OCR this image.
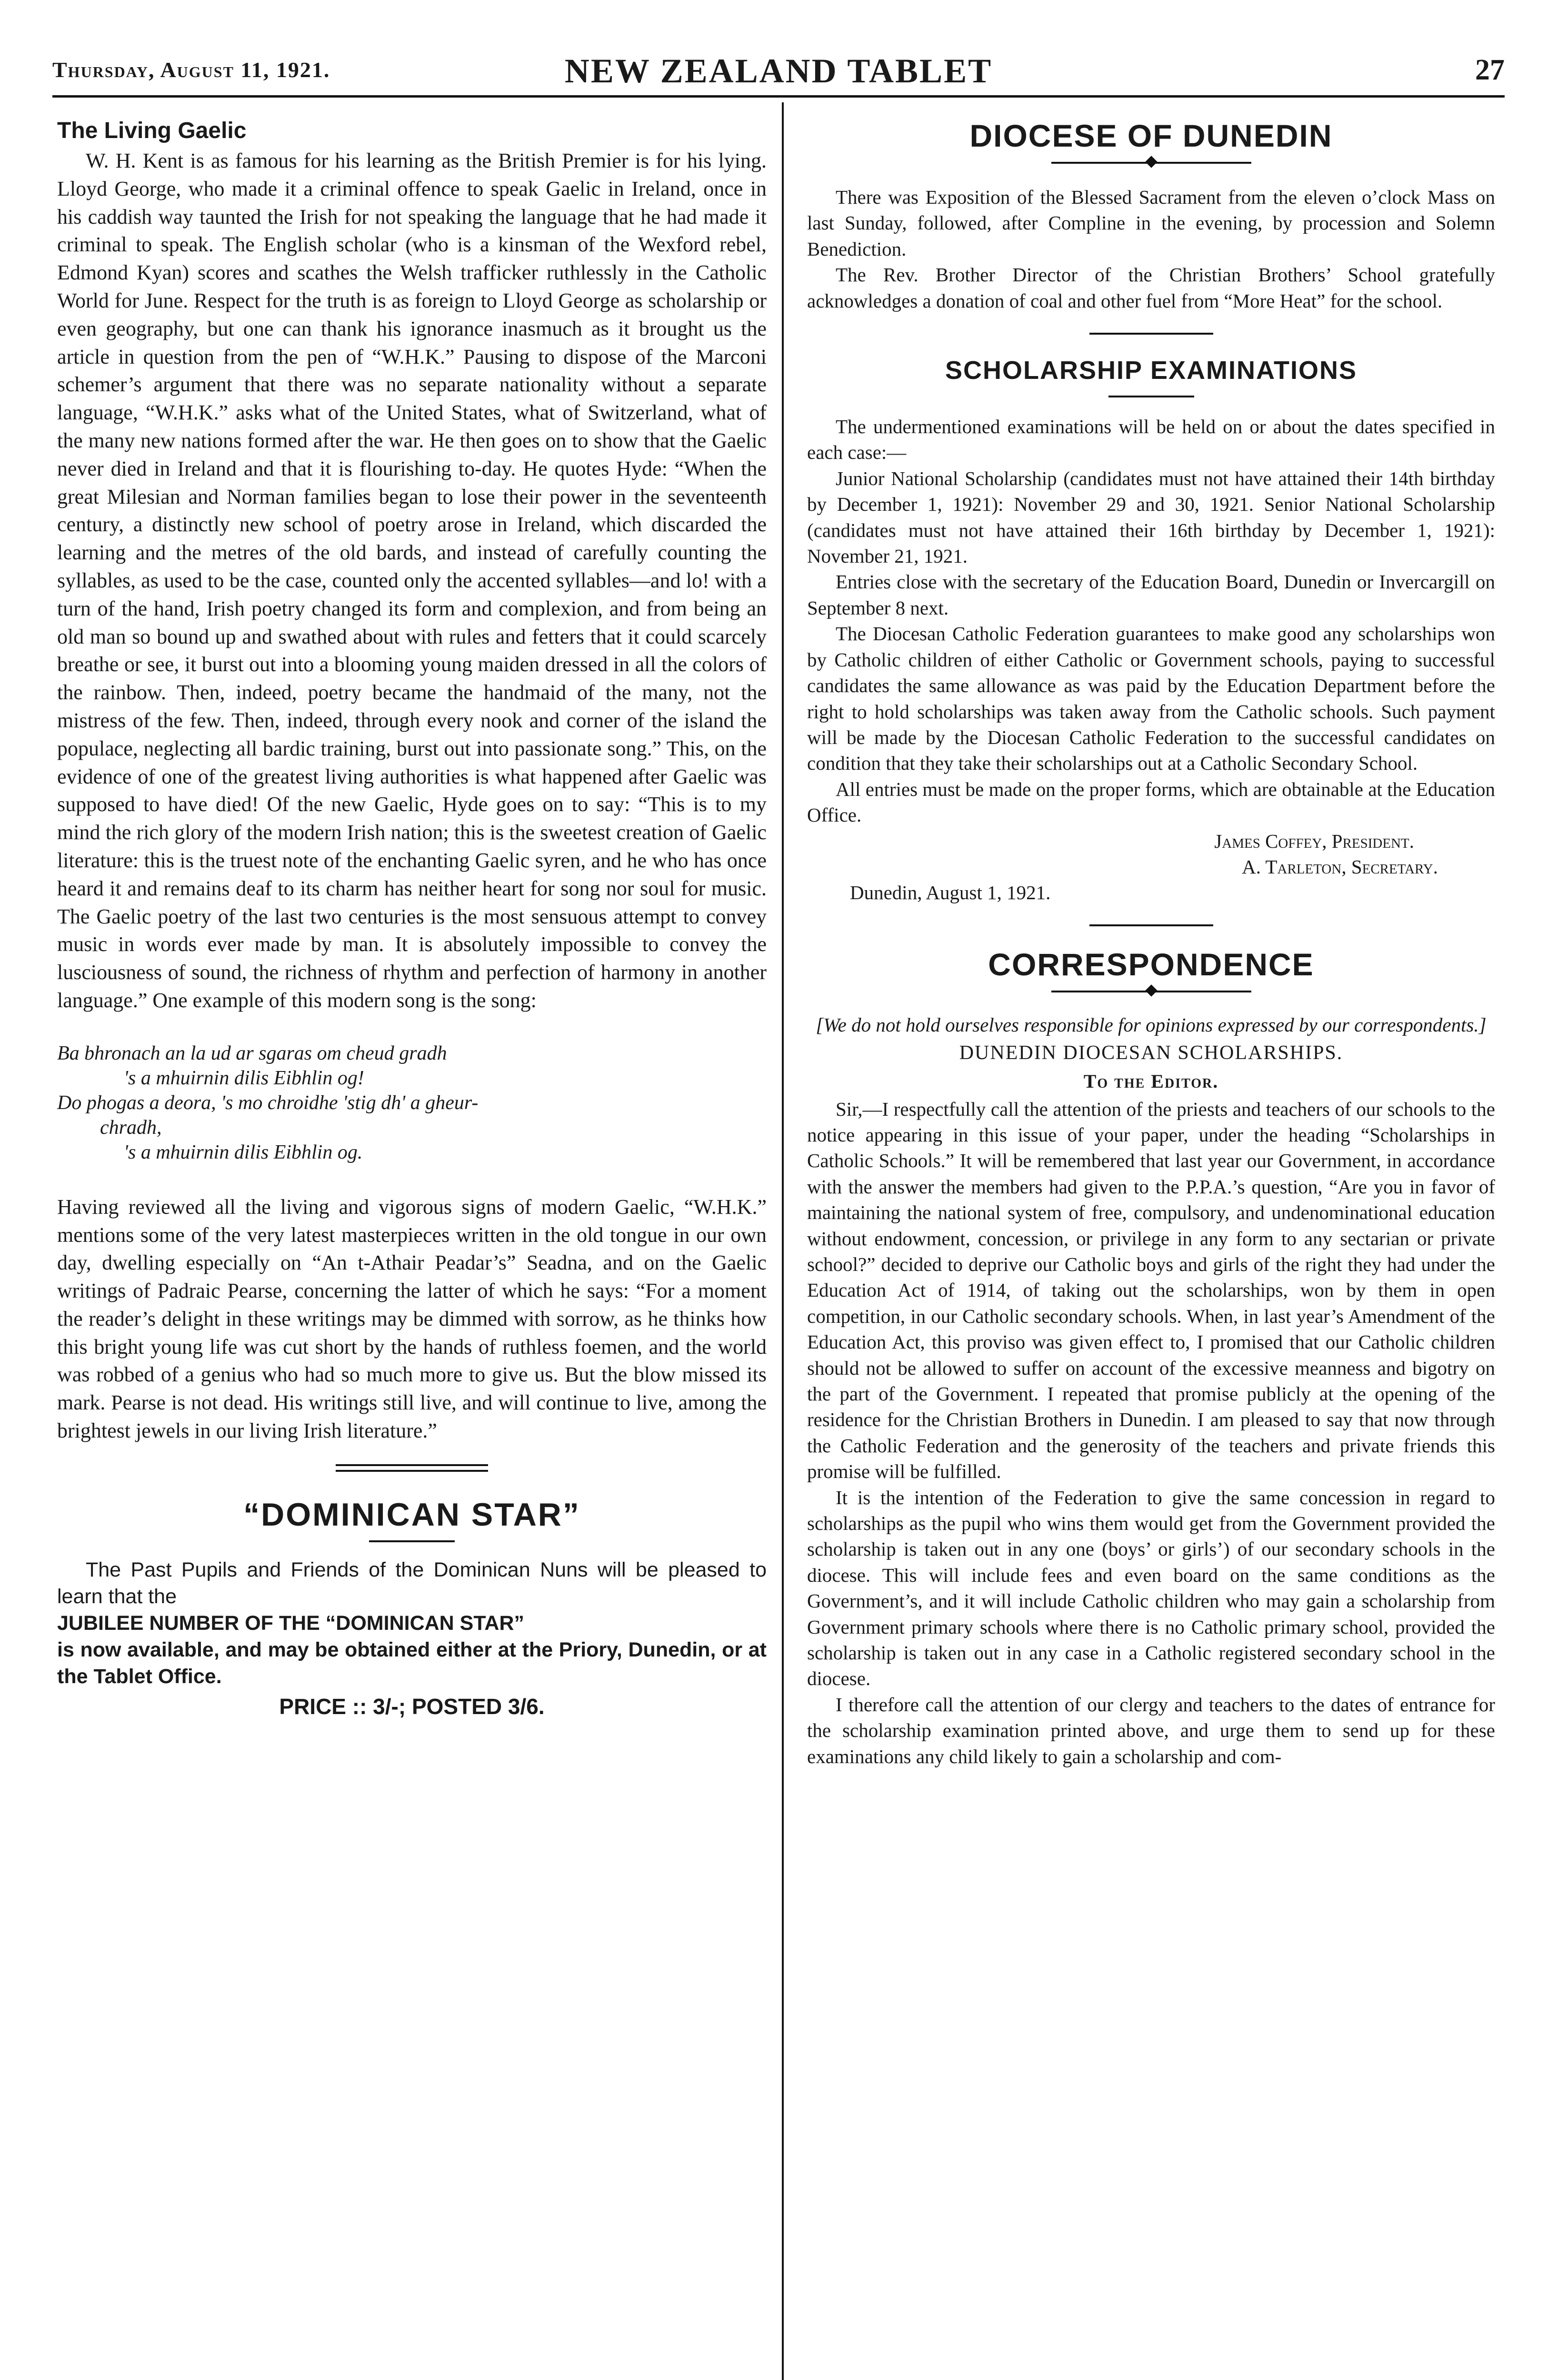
Thursday, August 11, 1921.	NEW ZEALAND TABLET	27
The Living Gaelic

W. H. Kent is as famous for his learning as the British Premier is for his lying. Lloyd George, who made it a criminal offence to speak Gaelic in Ireland, once in his caddish way taunted the Irish for not speaking the language that he had made it criminal to speak. The English scholar (who is a kinsman of the Wexford rebel, Edmond Kyan) scores and scathes the Welsh trafficker ruthlessly in the Catholic World for June. Respect for the truth is as foreign to Lloyd George as scholarship or even geography, but one can thank his ignorance inasmuch as it brought us the article in question from the pen of “W.H.K.” Pausing to dispose of the Marconi schemer’s argument that there was no separate nationality without a separate language, “W.H.K.” asks what of the United States, what of Switzerland, what of the many new nations formed after the war. He then goes on to show that the Gaelic never died in Ireland and that it is flourishing to-day. He quotes Hyde: “When the great Milesian and Norman families began to lose their power in the seventeenth century, a distinctly new school of poetry arose in Ireland, which discarded the learning and the metres of the old bards, and instead of carefully counting the syllables, as used to be the case, counted only the accented syllables—and lo! with a turn of the hand, Irish poetry changed its form and complexion, and from being an old man so bound up and swathed about with rules and fetters that it could scarcely breathe or see, it burst out into a blooming young maiden dressed in all the colors of the rainbow. Then, indeed, poetry became the handmaid of the many, not the mistress of the few. Then, indeed, through every nook and corner of the island the populace, neglecting all bardic training, burst out into passionate song.” This, on the evidence of one of the greatest living authorities is what happened after Gaelic was supposed to have died! Of the new Gaelic, Hyde goes on to say: “This is to my mind the rich glory of the modern Irish nation; this is the sweetest creation of Gaelic literature: this is the truest note of the enchanting Gaelic syren, and he who has once heard it and remains deaf to its charm has neither heart for song nor soul for music. The Gaelic poetry of the last two centuries is the most sensuous attempt to convey music in words ever made by man. It is absolutely impossible to convey the lusciousness of sound, the richness of rhythm and perfection of harmony in another language.” One example of this modern song is the song:

Ba bhronach an la ud ar sgaras om cheud gradh
's a mhuirnin dilis Eibhlin og!
Do phogas a deora, 's mo chroidhe 'stig dh' a gheur-
chradh,
's a mhuirnin dilis Eibhlin og.

Having reviewed all the living and vigorous signs of modern Gaelic, “W.H.K.” mentions some of the very latest masterpieces written in the old tongue in our own day, dwelling especially on “An t-Athair Peadar’s” Seadna, and on the Gaelic writings of Padraic Pearse, concerning the latter of which he says: “For a moment the reader’s delight in these writings may be dimmed with sorrow, as he thinks how this bright young life was cut short by the hands of ruthless foemen, and the world was robbed of a genius who had so much more to give us. But the blow missed its mark. Pearse is not dead. His writings still live, and will continue to live, among the brightest jewels in our living Irish literature.”

“DOMINICAN STAR”

The Past Pupils and Friends of the Dominican Nuns will be pleased to learn that the

JUBILEE NUMBER OF THE “DOMINICAN STAR”

is now available, and may be obtained either at the Priory, Dunedin, or at the Tablet Office.

PRICE :: 3/-; POSTED 3/6.
DIOCESE OF DUNEDIN

There was Exposition of the Blessed Sacrament from the eleven o’clock Mass on last Sunday, followed, after Compline in the evening, by procession and Solemn Benediction.

The Rev. Brother Director of the Christian Brothers’ School gratefully acknowledges a donation of coal and other fuel from “More Heat” for the school.

SCHOLARSHIP EXAMINATIONS

The undermentioned examinations will be held on or about the dates specified in each case:—

Junior National Scholarship (candidates must not have attained their 14th birthday by December 1, 1921): November 29 and 30, 1921. Senior National Scholarship (candidates must not have attained their 16th birthday by December 1, 1921): November 21, 1921.

Entries close with the secretary of the Education Board, Dunedin or Invercargill on September 8 next.

The Diocesan Catholic Federation guarantees to make good any scholarships won by Catholic children of either Catholic or Government schools, paying to successful candidates the same allowance as was paid by the Education Department before the right to hold scholarships was taken away from the Catholic schools. Such payment will be made by the Diocesan Catholic Federation to the successful candidates on condition that they take their scholarships out at a Catholic Secondary School.

All entries must be made on the proper forms, which are obtainable at the Education Office.

James Coffey, President.
A. Tarleton, Secretary.
Dunedin, August 1, 1921.
CORRESPONDENCE
[We do not hold ourselves responsible for opinions expressed by our correspondents.]
DUNEDIN DIOCESAN SCHOLARSHIPS.
To the Editor.

Sir,—I respectfully call the attention of the priests and teachers of our schools to the notice appearing in this issue of your paper, under the heading “Scholarships in Catholic Schools.” It will be remembered that last year our Government, in accordance with the answer the members had given to the P.P.A.’s question, “Are you in favor of maintaining the national system of free, compulsory, and undenominational education without endowment, concession, or privilege in any form to any sectarian or private school?” decided to deprive our Catholic boys and girls of the right they had under the Education Act of 1914, of taking out the scholarships, won by them in open competition, in our Catholic secondary schools. When, in last year’s Amendment of the Education Act, this proviso was given effect to, I promised that our Catholic children should not be allowed to suffer on account of the excessive meanness and bigotry on the part of the Government. I repeated that promise publicly at the opening of the residence for the Christian Brothers in Dunedin. I am pleased to say that now through the Catholic Federation and the generosity of the teachers and private friends this promise will be fulfilled.

It is the intention of the Federation to give the same concession in regard to scholarships as the pupil who wins them would get from the Government provided the scholarship is taken out in any one (boys’ or girls’) of our secondary schools in the diocese. This will include fees and even board on the same conditions as the Government’s, and it will include Catholic children who may gain a scholarship from Government primary schools where there is no Catholic primary school, provided the scholarship is taken out in any case in a Catholic registered secondary school in the diocese.

I therefore call the attention of our clergy and teachers to the dates of entrance for the scholarship examination printed above, and urge them to send up for these examinations any child likely to gain a scholarship and com-
